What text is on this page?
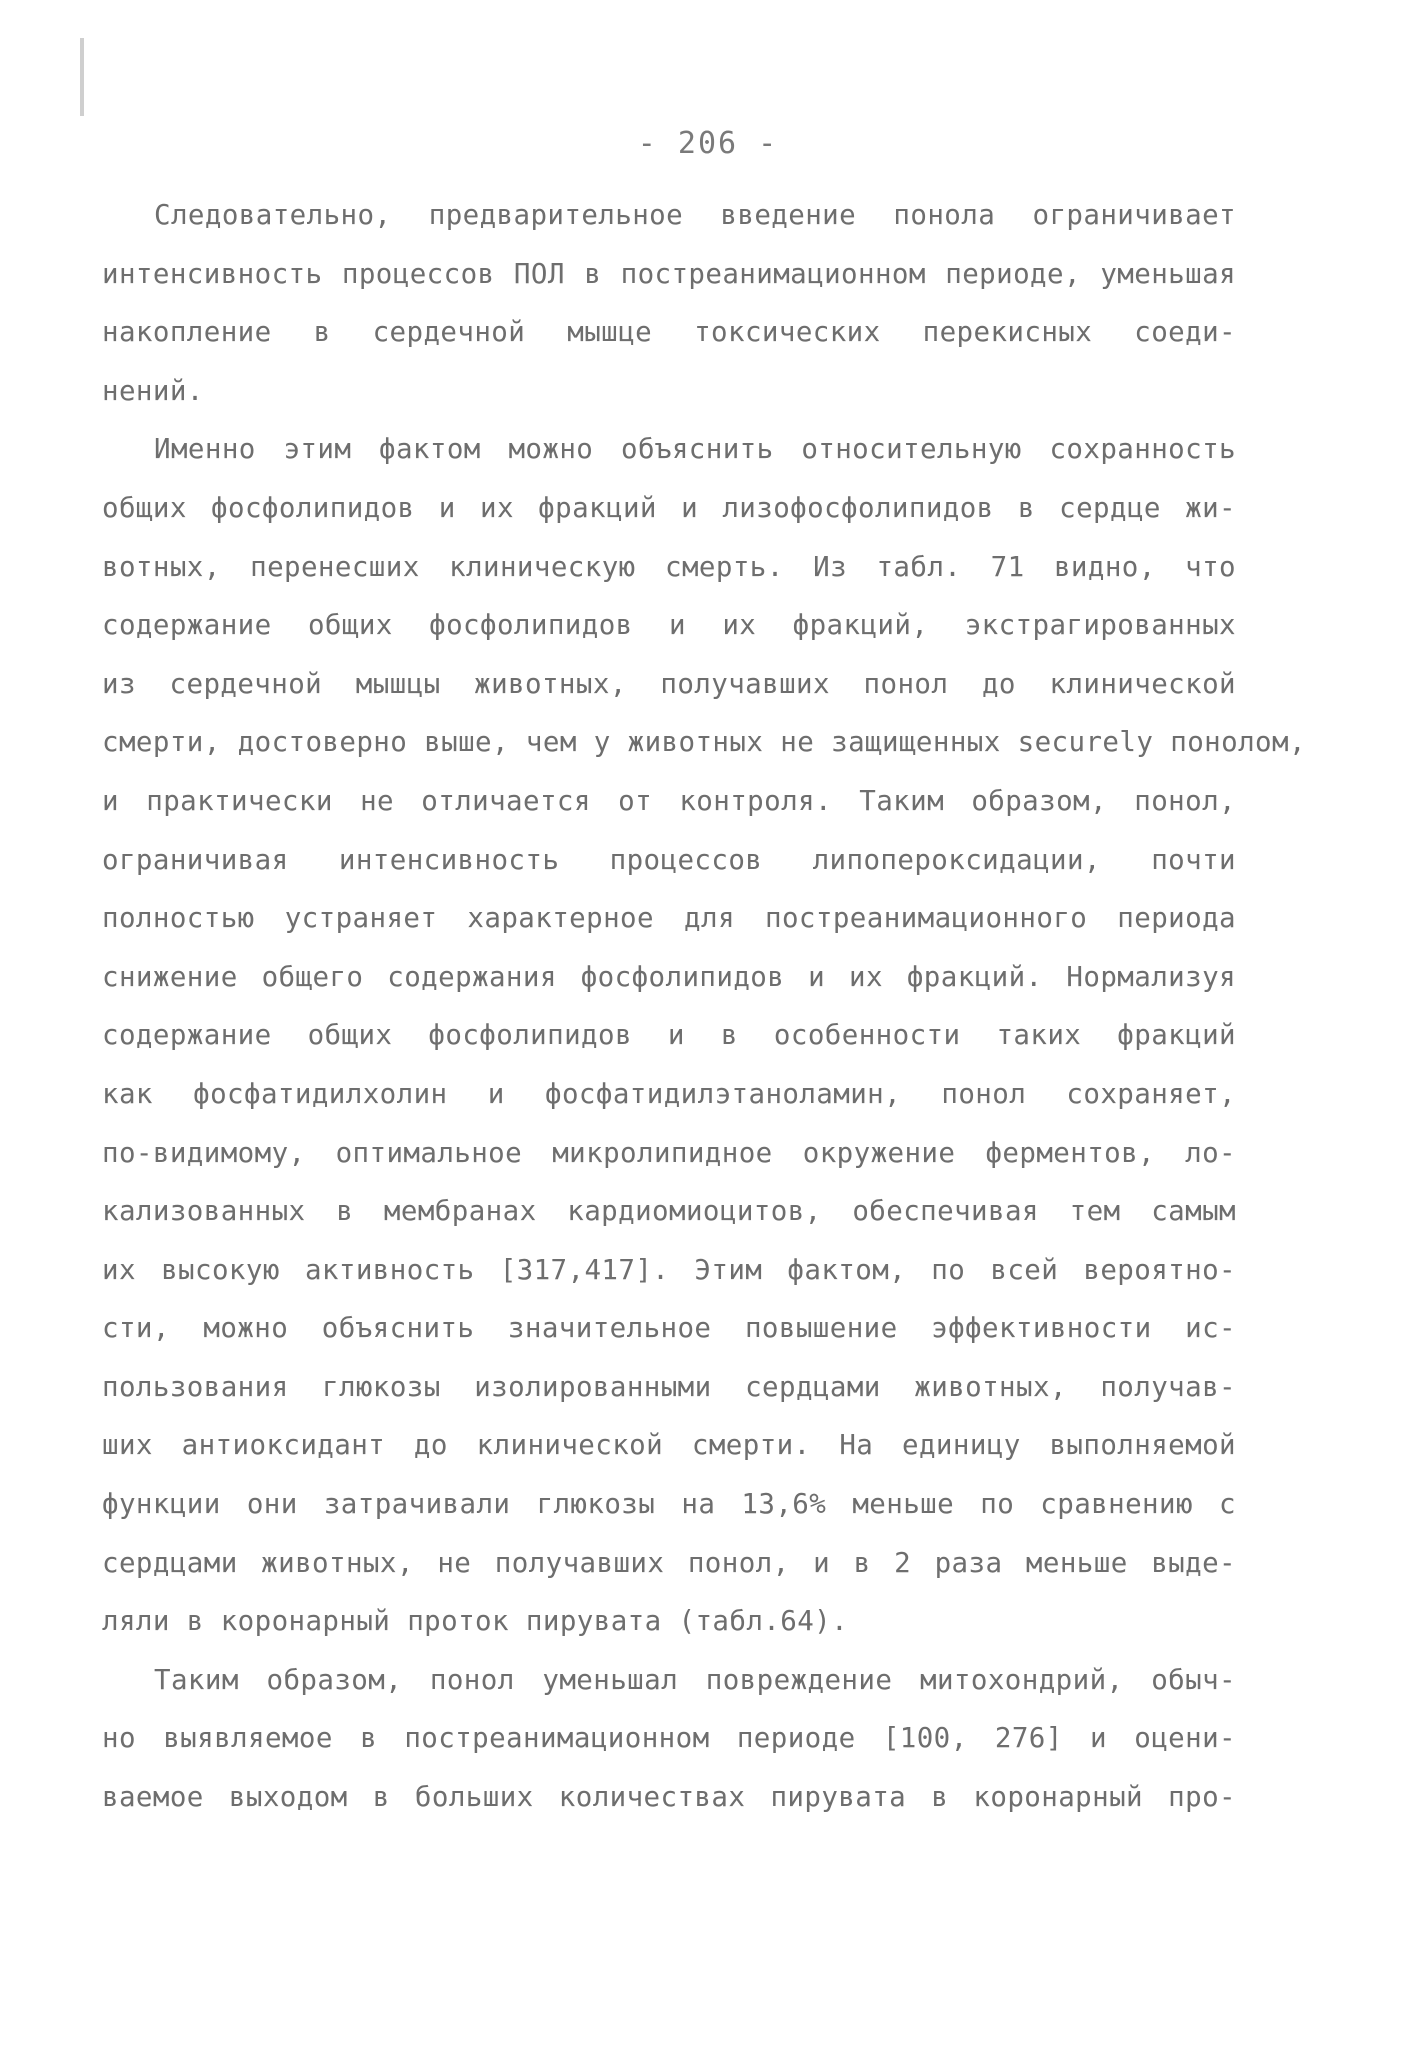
- 206 -
Следовательно, предварительное введение понола ограничивает
интенсивность процессов ПОЛ в постреанимационном периоде, уменьшая
накопление в сердечной мышце токсических перекисных соеди-
нений.
Именно этим фактом можно объяснить относительную сохранность
общих фосфолипидов и их фракций и лизофосфолипидов в сердце жи-
вотных, перенесших клиническую смерть. Из табл. 71 видно, что
содержание общих фосфолипидов и их фракций, экстрагированных
из сердечной мышцы животных, получавших понол до клинической
смерти, достоверно выше, чем у животных не защищенных securely понолом,
и практически не отличается от контроля. Таким образом, понол,
ограничивая интенсивность процессов липопероксидации, почти
полностью устраняет характерное для постреанимационного периода
снижение общего содержания фосфолипидов и их фракций. Нормализуя
содержание общих фосфолипидов и в особенности таких фракций
как фосфатидилхолин и фосфатидилэтаноламин, понол сохраняет,
по-видимому, оптимальное микролипидное окружение ферментов, ло-
кализованных в мембранах кардиомиоцитов, обеспечивая тем самым
их высокую активность [317,417]. Этим фактом, по всей вероятно-
сти, можно объяснить значительное повышение эффективности ис-
пользования глюкозы изолированными сердцами животных, получав-
ших антиоксидант до клинической смерти. На единицу выполняемой
функции они затрачивали глюкозы на 13,6% меньше по сравнению с
сердцами животных, не получавших понол, и в 2 раза меньше выде-
ляли в коронарный проток пирувата (табл.64).
Таким образом, понол уменьшал повреждение митохондрий, обыч-
но выявляемое в постреанимационном периоде [100, 276] и оцени-
ваемое выходом в больших количествах пирувата в коронарный про-
